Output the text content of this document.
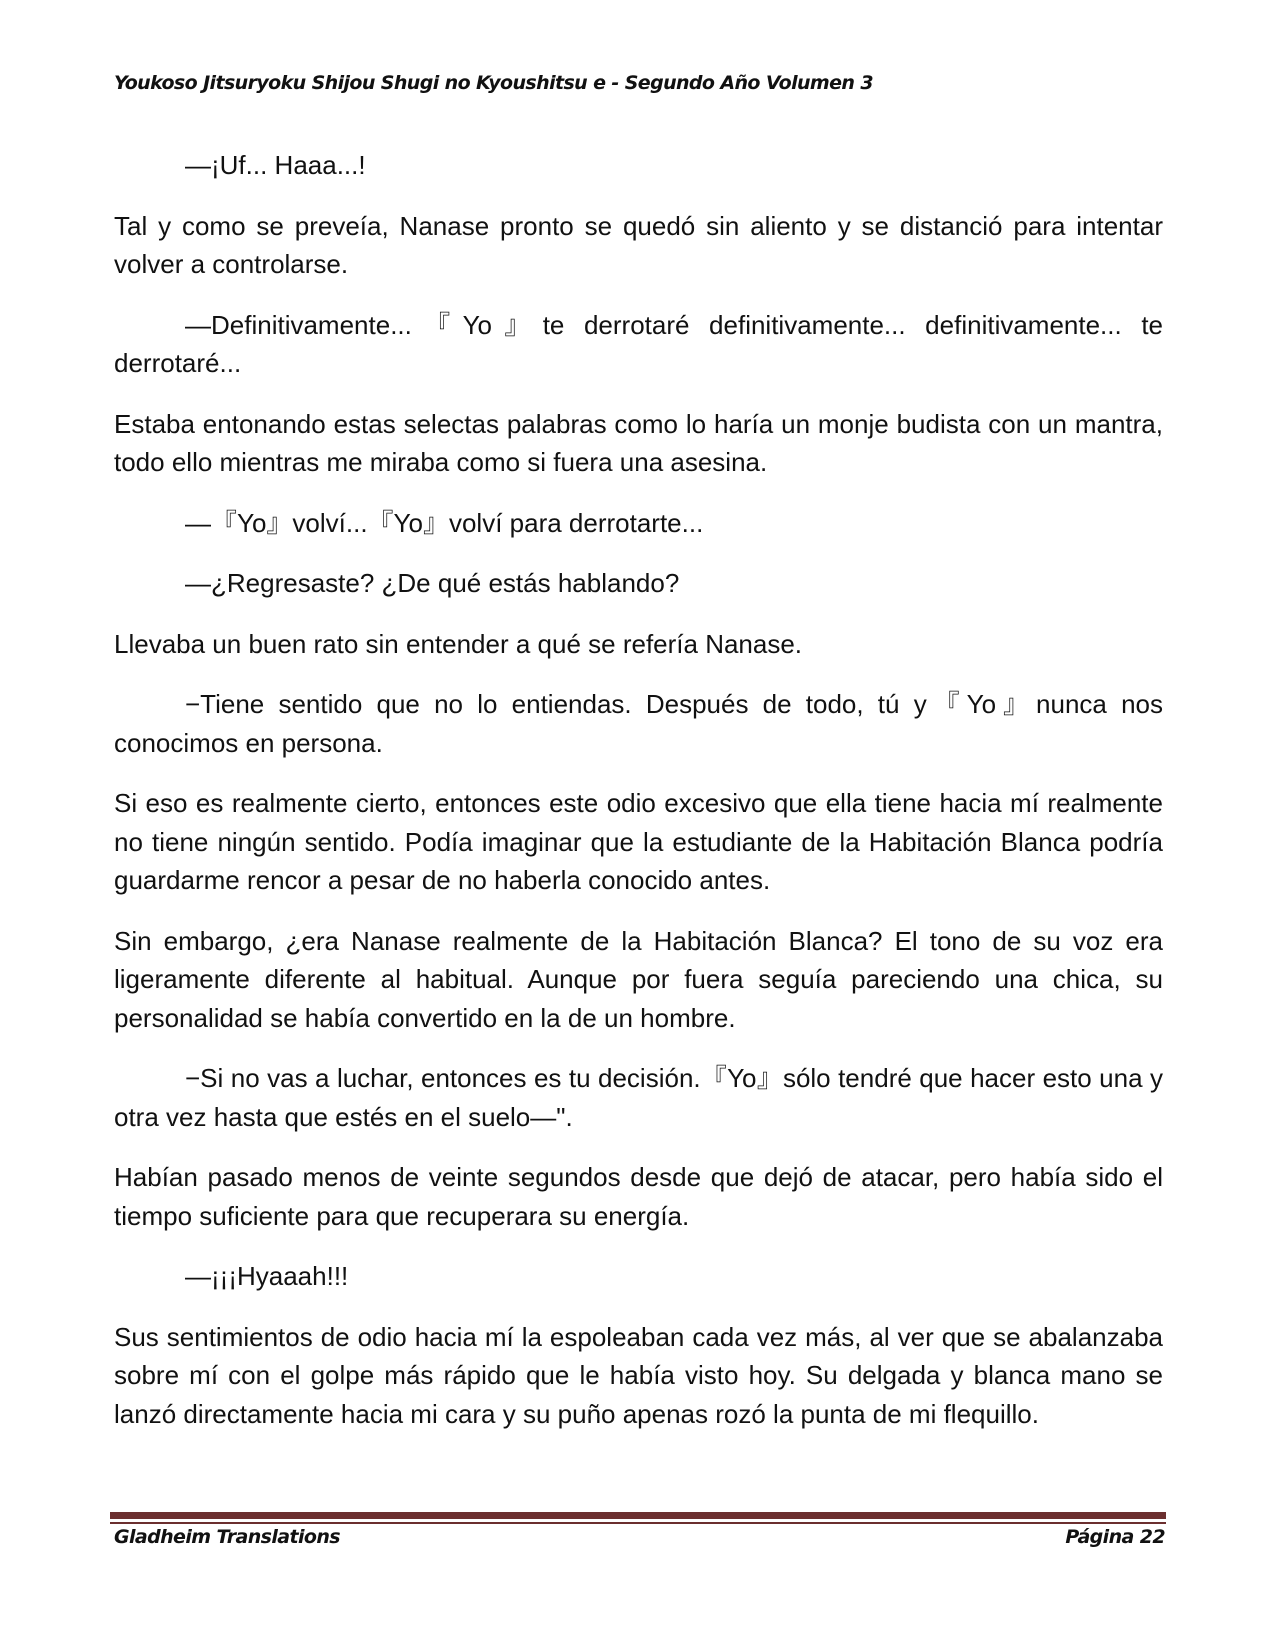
Youkoso Jitsuryoku Shijou Shugi no Kyoushitsu e - Segundo Año Volumen 3

—¡Uf... Haaa...!

Tal y como se preveía, Nanase pronto se quedó sin aliento y se distanció para intentar volver a controlarse.

—Definitivamente...『Yo』te derrotaré definitivamente... definitivamente... te derrotaré...

Estaba entonando estas selectas palabras como lo haría un monje budista con un mantra, todo ello mientras me miraba como si fuera una asesina.

—『Yo』volví...『Yo』volví para derrotarte...

—¿Regresaste? ¿De qué estás hablando?

Llevaba un buen rato sin entender a qué se refería Nanase.

−Tiene sentido que no lo entiendas. Después de todo, tú y『Yo』nunca nos conocimos en persona.

Si eso es realmente cierto, entonces este odio excesivo que ella tiene hacia mí realmente no tiene ningún sentido. Podía imaginar que la estudiante de la Habitación Blanca podría guardarme rencor a pesar de no haberla conocido antes.

Sin embargo, ¿era Nanase realmente de la Habitación Blanca? El tono de su voz era ligeramente diferente al habitual. Aunque por fuera seguía pareciendo una chica, su personalidad se había convertido en la de un hombre.

−Si no vas a luchar, entonces es tu decisión.『Yo』sólo tendré que hacer esto una y otra vez hasta que estés en el suelo—".

Habían pasado menos de veinte segundos desde que dejó de atacar, pero había sido el tiempo suficiente para que recuperara su energía.

—¡¡¡Hyaaah!!!

Sus sentimientos de odio hacia mí la espoleaban cada vez más, al ver que se abalanzaba sobre mí con el golpe más rápido que le había visto hoy. Su delgada y blanca mano se lanzó directamente hacia mi cara y su puño apenas rozó la punta de mi flequillo.

Gladheim Translations	Página 22
